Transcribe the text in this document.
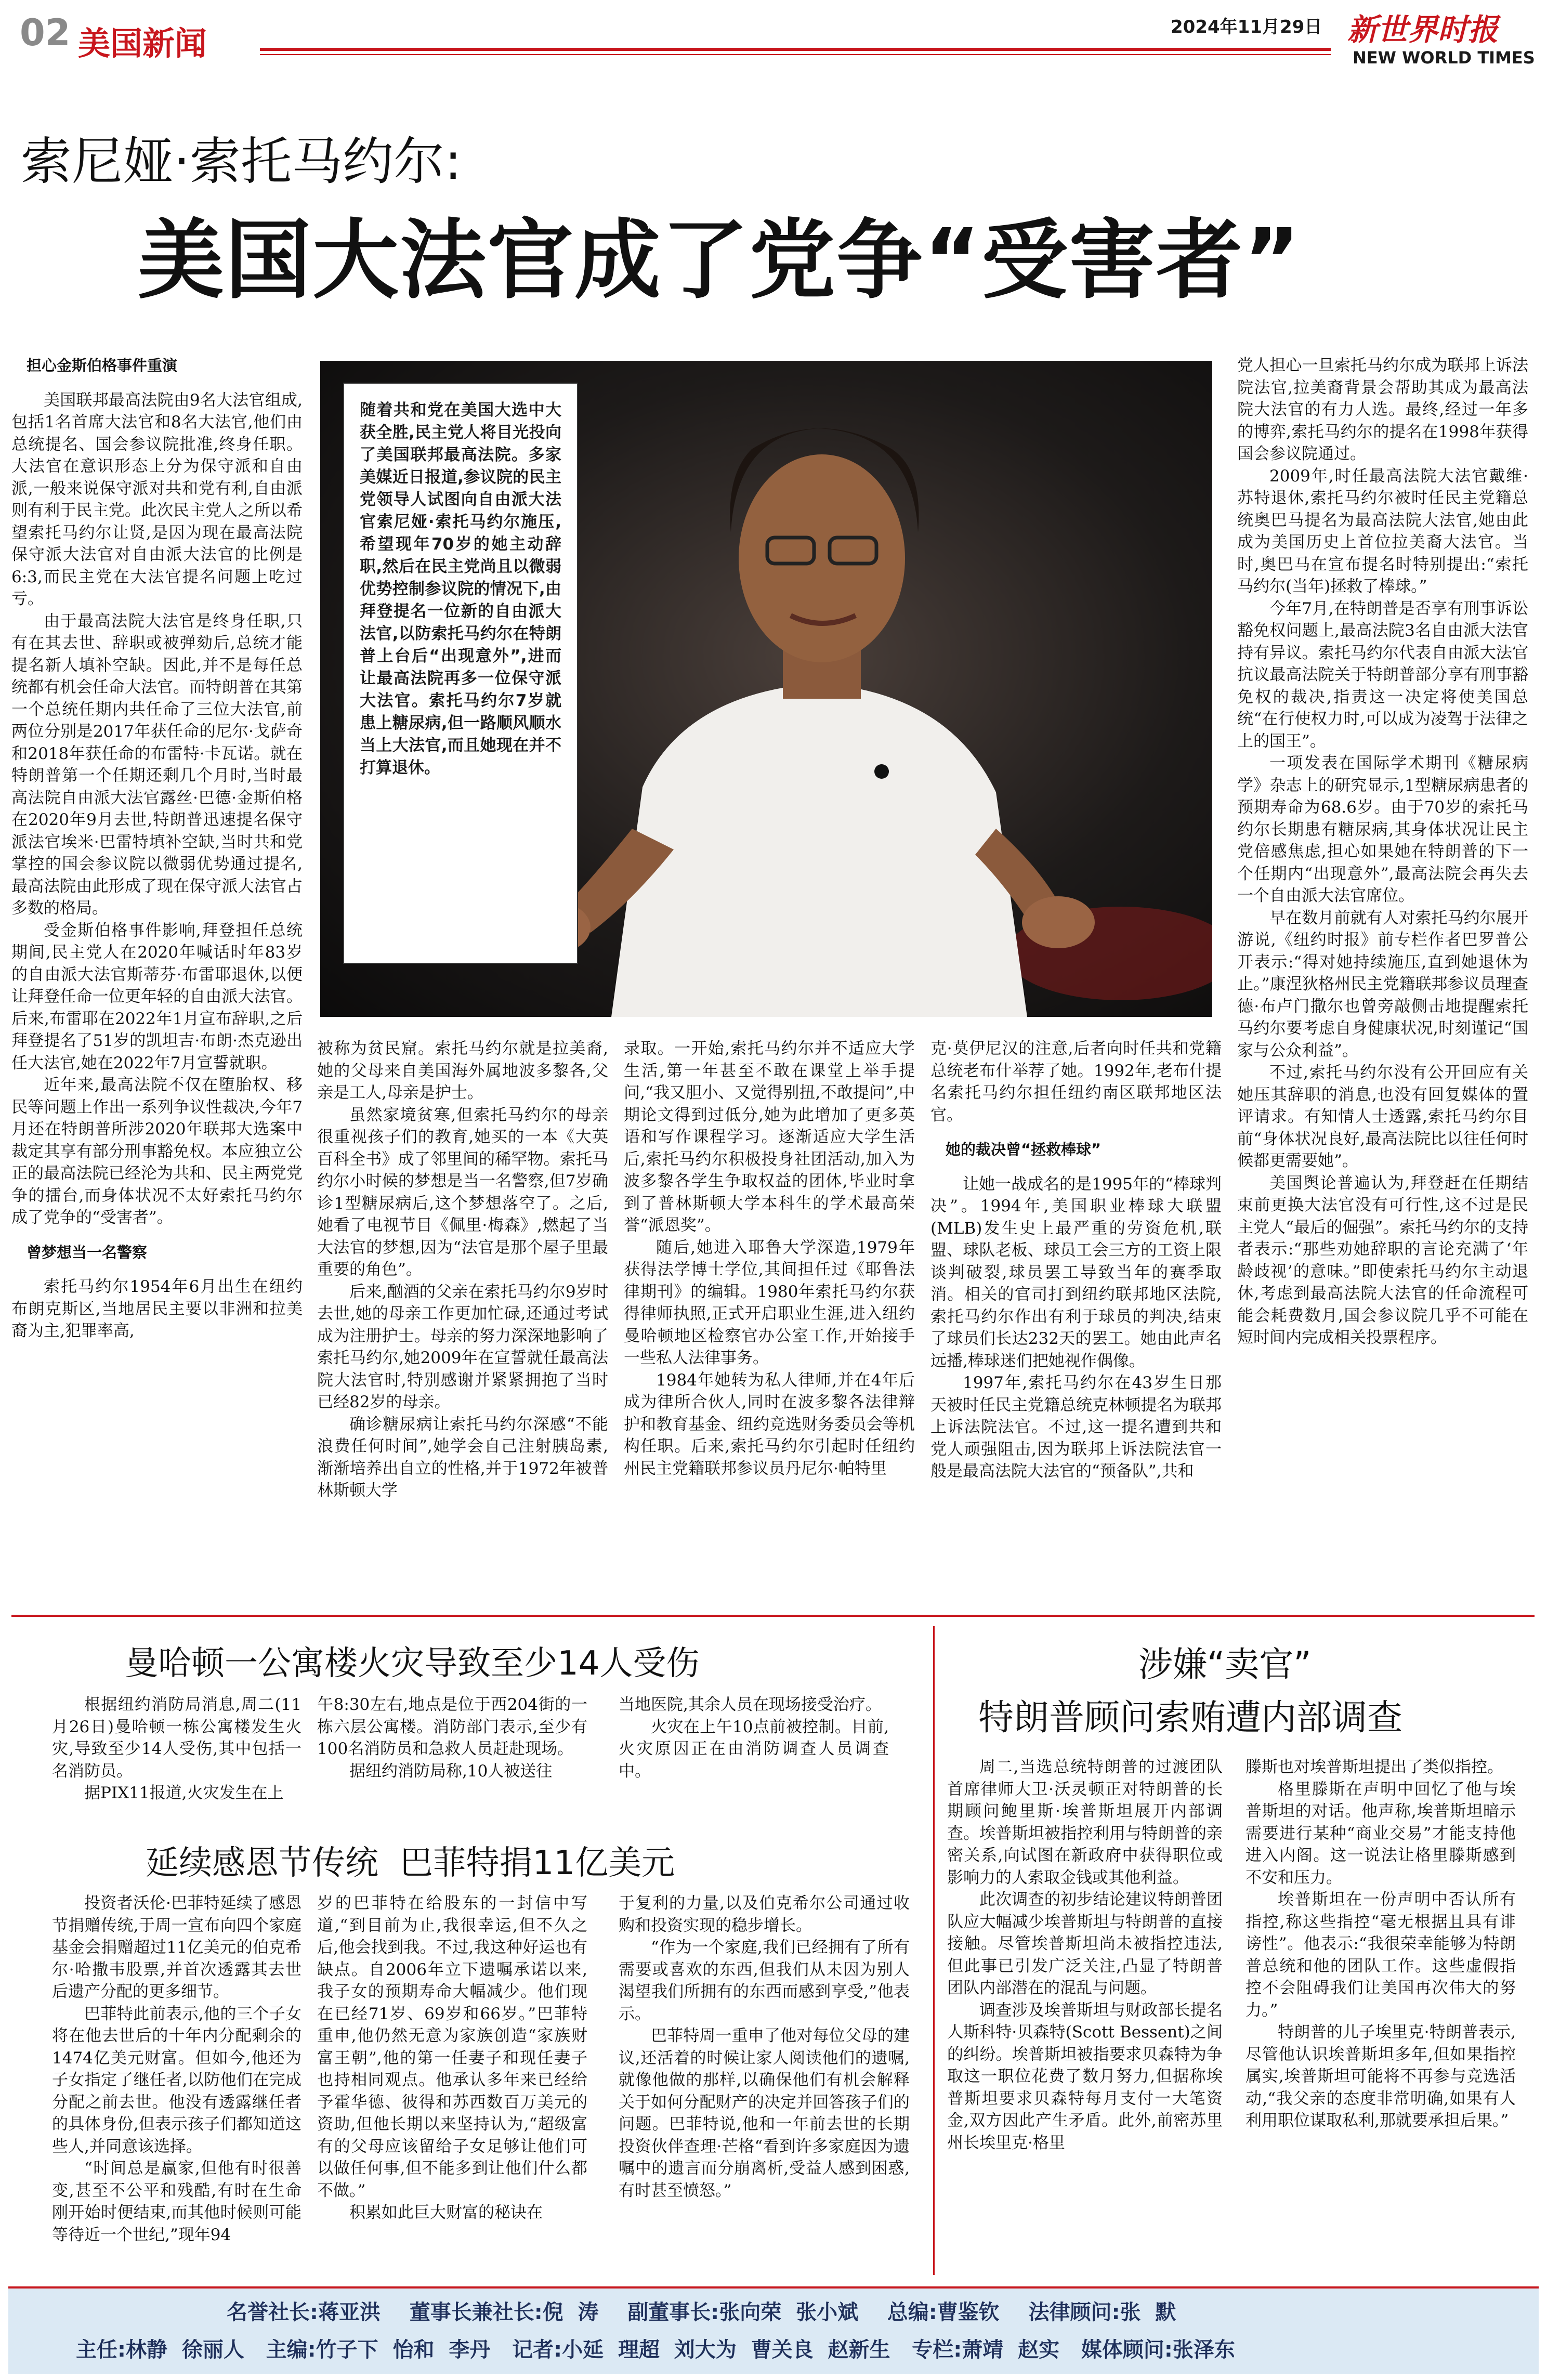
02 美国新闻	2024年11月29日 新世界时报
NEW WORLD TIMES
索尼娅·索托马约尔:
美国大法官成了党争“受害者”
随着共和党在美国大选中大获全胜,民主党人将目光投向了美国联邦最高法院。多家美媒近日报道,参议院的民主党领导人试图向自由派大法官索尼娅·索托马约尔施压,希望现年70岁的她主动辞职,然后在民主党尚且以微弱优势控制参议院的情况下,由拜登提名一位新的自由派大法官,以防索托马约尔在特朗普上台后“出现意外”,进而让最高法院再多一位保守派大法官。索托马约尔7岁就患上糖尿病,但一路顺风顺水当上大法官,而且她现在并不打算退休。

担心金斯伯格事件重演

美国联邦最高法院由9名大法官组成,包括1名首席大法官和8名大法官,他们由总统提名、国会参议院批准,终身任职。大法官在意识形态上分为保守派和自由派,一般来说保守派对共和党有利,自由派则有利于民主党。此次民主党人之所以希望索托马约尔让贤,是因为现在最高法院保守派大法官对自由派大法官的比例是6:3,而民主党在大法官提名问题上吃过亏。

由于最高法院大法官是终身任职,只有在其去世、辞职或被弹劾后,总统才能提名新人填补空缺。因此,并不是每任总统都有机会任命大法官。而特朗普在其第一个总统任期内共任命了三位大法官,前两位分别是2017年获任命的尼尔·戈萨奇和2018年获任命的布雷特·卡瓦诺。就在特朗普第一个任期还剩几个月时,当时最高法院自由派大法官露丝·巴德·金斯伯格在2020年9月去世,特朗普迅速提名保守派法官埃米·巴雷特填补空缺,当时共和党掌控的国会参议院以微弱优势通过提名,最高法院由此形成了现在保守派大法官占多数的格局。

受金斯伯格事件影响,拜登担任总统期间,民主党人在2020年喊话时年83岁的自由派大法官斯蒂芬·布雷耶退休,以便让拜登任命一位更年轻的自由派大法官。后来,布雷耶在2022年1月宣布辞职,之后拜登提名了51岁的凯坦吉·布朗·杰克逊出任大法官,她在2022年7月宣誓就职。

近年来,最高法院不仅在堕胎权、移民等问题上作出一系列争议性裁决,今年7月还在特朗普所涉2020年联邦大选案中裁定其享有部分刑事豁免权。本应独立公正的最高法院已经沦为共和、民主两党党争的擂台,而身体状况不太好索托马约尔成了党争的“受害者”。

曾梦想当一名警察

索托马约尔1954年6月出生在纽约布朗克斯区,当地居民主要以非洲和拉美裔为主,犯罪率高,

被称为贫民窟。索托马约尔就是拉美裔,她的父母来自美国海外属地波多黎各,父亲是工人,母亲是护士。

虽然家境贫寒,但索托马约尔的母亲很重视孩子们的教育,她买的一本《大英百科全书》成了邻里间的稀罕物。索托马约尔小时候的梦想是当一名警察,但7岁确诊1型糖尿病后,这个梦想落空了。之后,她看了电视节目《佩里·梅森》,燃起了当大法官的梦想,因为“法官是那个屋子里最重要的角色”。

后来,酗酒的父亲在索托马约尔9岁时去世,她的母亲工作更加忙碌,还通过考试成为注册护士。母亲的努力深深地影响了索托马约尔,她2009年在宣誓就任最高法院大法官时,特别感谢并紧紧拥抱了当时已经82岁的母亲。

确诊糖尿病让索托马约尔深感“不能浪费任何时间”,她学会自己注射胰岛素,渐渐培养出自立的性格,并于1972年被普林斯顿大学

录取。一开始,索托马约尔并不适应大学生活,第一年甚至不敢在课堂上举手提问,“我又胆小、又觉得别扭,不敢提问”,中期论文得到过低分,她为此增加了更多英语和写作课程学习。逐渐适应大学生活后,索托马约尔积极投身社团活动,加入为波多黎各学生争取权益的团体,毕业时拿到了普林斯顿大学本科生的学术最高荣誉“派恩奖”。

随后,她进入耶鲁大学深造,1979年获得法学博士学位,其间担任过《耶鲁法律期刊》的编辑。1980年索托马约尔获得律师执照,正式开启职业生涯,进入纽约曼哈顿地区检察官办公室工作,开始接手一些私人法律事务。

1984年她转为私人律师,并在4年后成为律所合伙人,同时在波多黎各法律辩护和教育基金、纽约竞选财务委员会等机构任职。后来,索托马约尔引起时任纽约州民主党籍联邦参议员丹尼尔·帕特里

克·莫伊尼汉的注意,后者向时任共和党籍总统老布什举荐了她。1992年,老布什提名索托马约尔担任纽约南区联邦地区法官。

她的裁决曾“拯救棒球”

让她一战成名的是1995年的“棒球判决”。1994年,美国职业棒球大联盟(MLB)发生史上最严重的劳资危机,联盟、球队老板、球员工会三方的工资上限谈判破裂,球员罢工导致当年的赛季取消。相关的官司打到纽约联邦地区法院,索托马约尔作出有利于球员的判决,结束了球员们长达232天的罢工。她由此声名远播,棒球迷们把她视作偶像。

1997年,索托马约尔在43岁生日那天被时任民主党籍总统克林顿提名为联邦上诉法院法官。不过,这一提名遭到共和党人顽强阻击,因为联邦上诉法院法官一般是最高法院大法官的“预备队”,共和

党人担心一旦索托马约尔成为联邦上诉法院法官,拉美裔背景会帮助其成为最高法院大法官的有力人选。最终,经过一年多的博弈,索托马约尔的提名在1998年获得国会参议院通过。

2009年,时任最高法院大法官戴维·苏特退休,索托马约尔被时任民主党籍总统奥巴马提名为最高法院大法官,她由此成为美国历史上首位拉美裔大法官。当时,奥巴马在宣布提名时特别提出:“索托马约尔(当年)拯救了棒球。”

今年7月,在特朗普是否享有刑事诉讼豁免权问题上,最高法院3名自由派大法官持有异议。索托马约尔代表自由派大法官抗议最高法院关于特朗普部分享有刑事豁免权的裁决,指责这一决定将使美国总统“在行使权力时,可以成为凌驾于法律之上的国王”。

一项发表在国际学术期刊《糖尿病学》杂志上的研究显示,1型糖尿病患者的预期寿命为68.6岁。由于70岁的索托马约尔长期患有糖尿病,其身体状况让民主党倍感焦虑,担心如果她在特朗普的下一个任期内“出现意外”,最高法院会再失去一个自由派大法官席位。

早在数月前就有人对索托马约尔展开游说,《纽约时报》前专栏作者巴罗普公开表示:“得对她持续施压,直到她退休为止。”康涅狄格州民主党籍联邦参议员理查德·布卢门撒尔也曾旁敲侧击地提醒索托马约尔要考虑自身健康状况,时刻谨记“国家与公众利益”。

不过,索托马约尔没有公开回应有关她压其辞职的消息,也没有回复媒体的置评请求。有知情人士透露,索托马约尔目前“身体状况良好,最高法院比以往任何时候都更需要她”。

美国舆论普遍认为,拜登赶在任期结束前更换大法官没有可行性,这不过是民主党人“最后的倔强”。索托马约尔的支持者表示:“那些劝她辞职的言论充满了‘年龄歧视’的意味。”即使索托马约尔主动退休,考虑到最高法院大法官的任命流程可能会耗费数月,国会参议院几乎不可能在短时间内完成相关投票程序。

曼哈顿一公寓楼火灾导致至少14人受伤

根据纽约消防局消息,周二(11月26日)曼哈顿一栋公寓楼发生火灾,导致至少14人受伤,其中包括一名消防员。

据PIX11报道,火灾发生在上

午8:30左右,地点是位于西204街的一栋六层公寓楼。消防部门表示,至少有100名消防员和急救人员赶赴现场。

据纽约消防局称,10人被送往

当地医院,其余人员在现场接受治疗。

火灾在上午10点前被控制。目前,火灾原因正在由消防调查人员调查中。

延续感恩节传统  巴菲特捐11亿美元

投资者沃伦·巴菲特延续了感恩节捐赠传统,于周一宣布向四个家庭基金会捐赠超过11亿美元的伯克希尔·哈撒韦股票,并首次透露其去世后遗产分配的更多细节。

巴菲特此前表示,他的三个子女将在他去世后的十年内分配剩余的1474亿美元财富。但如今,他还为子女指定了继任者,以防他们在完成分配之前去世。他没有透露继任者的具体身份,但表示孩子们都知道这些人,并同意该选择。

“时间总是赢家,但他有时很善变,甚至不公平和残酷,有时在生命刚开始时便结束,而其他时候则可能等待近一个世纪,”现年94

岁的巴菲特在给股东的一封信中写道,“到目前为止,我很幸运,但不久之后,他会找到我。不过,我这种好运也有缺点。自2006年立下遗嘱承诺以来,我子女的预期寿命大幅减少。他们现在已经71岁、69岁和66岁。”巴菲特重申,他仍然无意为家族创造“家族财富王朝”,他的第一任妻子和现任妻子也持相同观点。他承认多年来已经给予霍华德、彼得和苏西数百万美元的资助,但他长期以来坚持认为,“超级富有的父母应该留给子女足够让他们可以做任何事,但不能多到让他们什么都不做。”

积累如此巨大财富的秘诀在

于复利的力量,以及伯克希尔公司通过收购和投资实现的稳步增长。

“作为一个家庭,我们已经拥有了所有需要或喜欢的东西,但我们从未因为别人渴望我们所拥有的东西而感到享受,”他表示。

巴菲特周一重申了他对每位父母的建议,还活着的时候让家人阅读他们的遗嘱,就像他做的那样,以确保他们有机会解释关于如何分配财产的决定并回答孩子们的问题。巴菲特说,他和一年前去世的长期投资伙伴查理·芒格“看到许多家庭因为遗嘱中的遗言而分崩离析,受益人感到困惑,有时甚至愤怒。”

涉嫌“卖官”
特朗普顾问索贿遭内部调查

周二,当选总统特朗普的过渡团队首席律师大卫·沃灵顿正对特朗普的长期顾问鲍里斯·埃普斯坦展开内部调查。埃普斯坦被指控利用与特朗普的亲密关系,向试图在新政府中获得职位或影响力的人索取金钱或其他利益。

此次调查的初步结论建议特朗普团队应大幅减少埃普斯坦与特朗普的直接接触。尽管埃普斯坦尚未被指控违法,但此事已引发广泛关注,凸显了特朗普团队内部潜在的混乱与问题。

调查涉及埃普斯坦与财政部长提名人斯科特·贝森特(Scott Bessent)之间的纠纷。埃普斯坦被指要求贝森特为争取这一职位花费了数月努力,但据称埃普斯坦要求贝森特每月支付一大笔资金,双方因此产生矛盾。此外,前密苏里州长埃里克·格里

滕斯也对埃普斯坦提出了类似指控。

格里滕斯在声明中回忆了他与埃普斯坦的对话。他声称,埃普斯坦暗示需要进行某种“商业交易”才能支持他进入内阁。这一说法让格里滕斯感到不安和压力。

埃普斯坦在一份声明中否认所有指控,称这些指控“毫无根据且具有诽谤性”。他表示:“我很荣幸能够为特朗普总统和他的团队工作。这些虚假指控不会阻碍我们让美国再次伟大的努力。”

特朗普的儿子埃里克·特朗普表示,尽管他认识埃普斯坦多年,但如果指控属实,埃普斯坦可能将不再参与竞选活动,“我父亲的态度非常明确,如果有人利用职位谋取私利,那就要承担后果。”

名誉社长:蒋亚洪    董事长兼社长:倪  涛    副董事长:张向荣  张小斌    总编:曹鉴钦    法律顾问:张  默
主任:林静  徐丽人   主编:竹子下  怡和  李丹   记者:小延  理超  刘大为  曹关良  赵新生   专栏:萧靖  赵实   媒体顾问:张泽东
